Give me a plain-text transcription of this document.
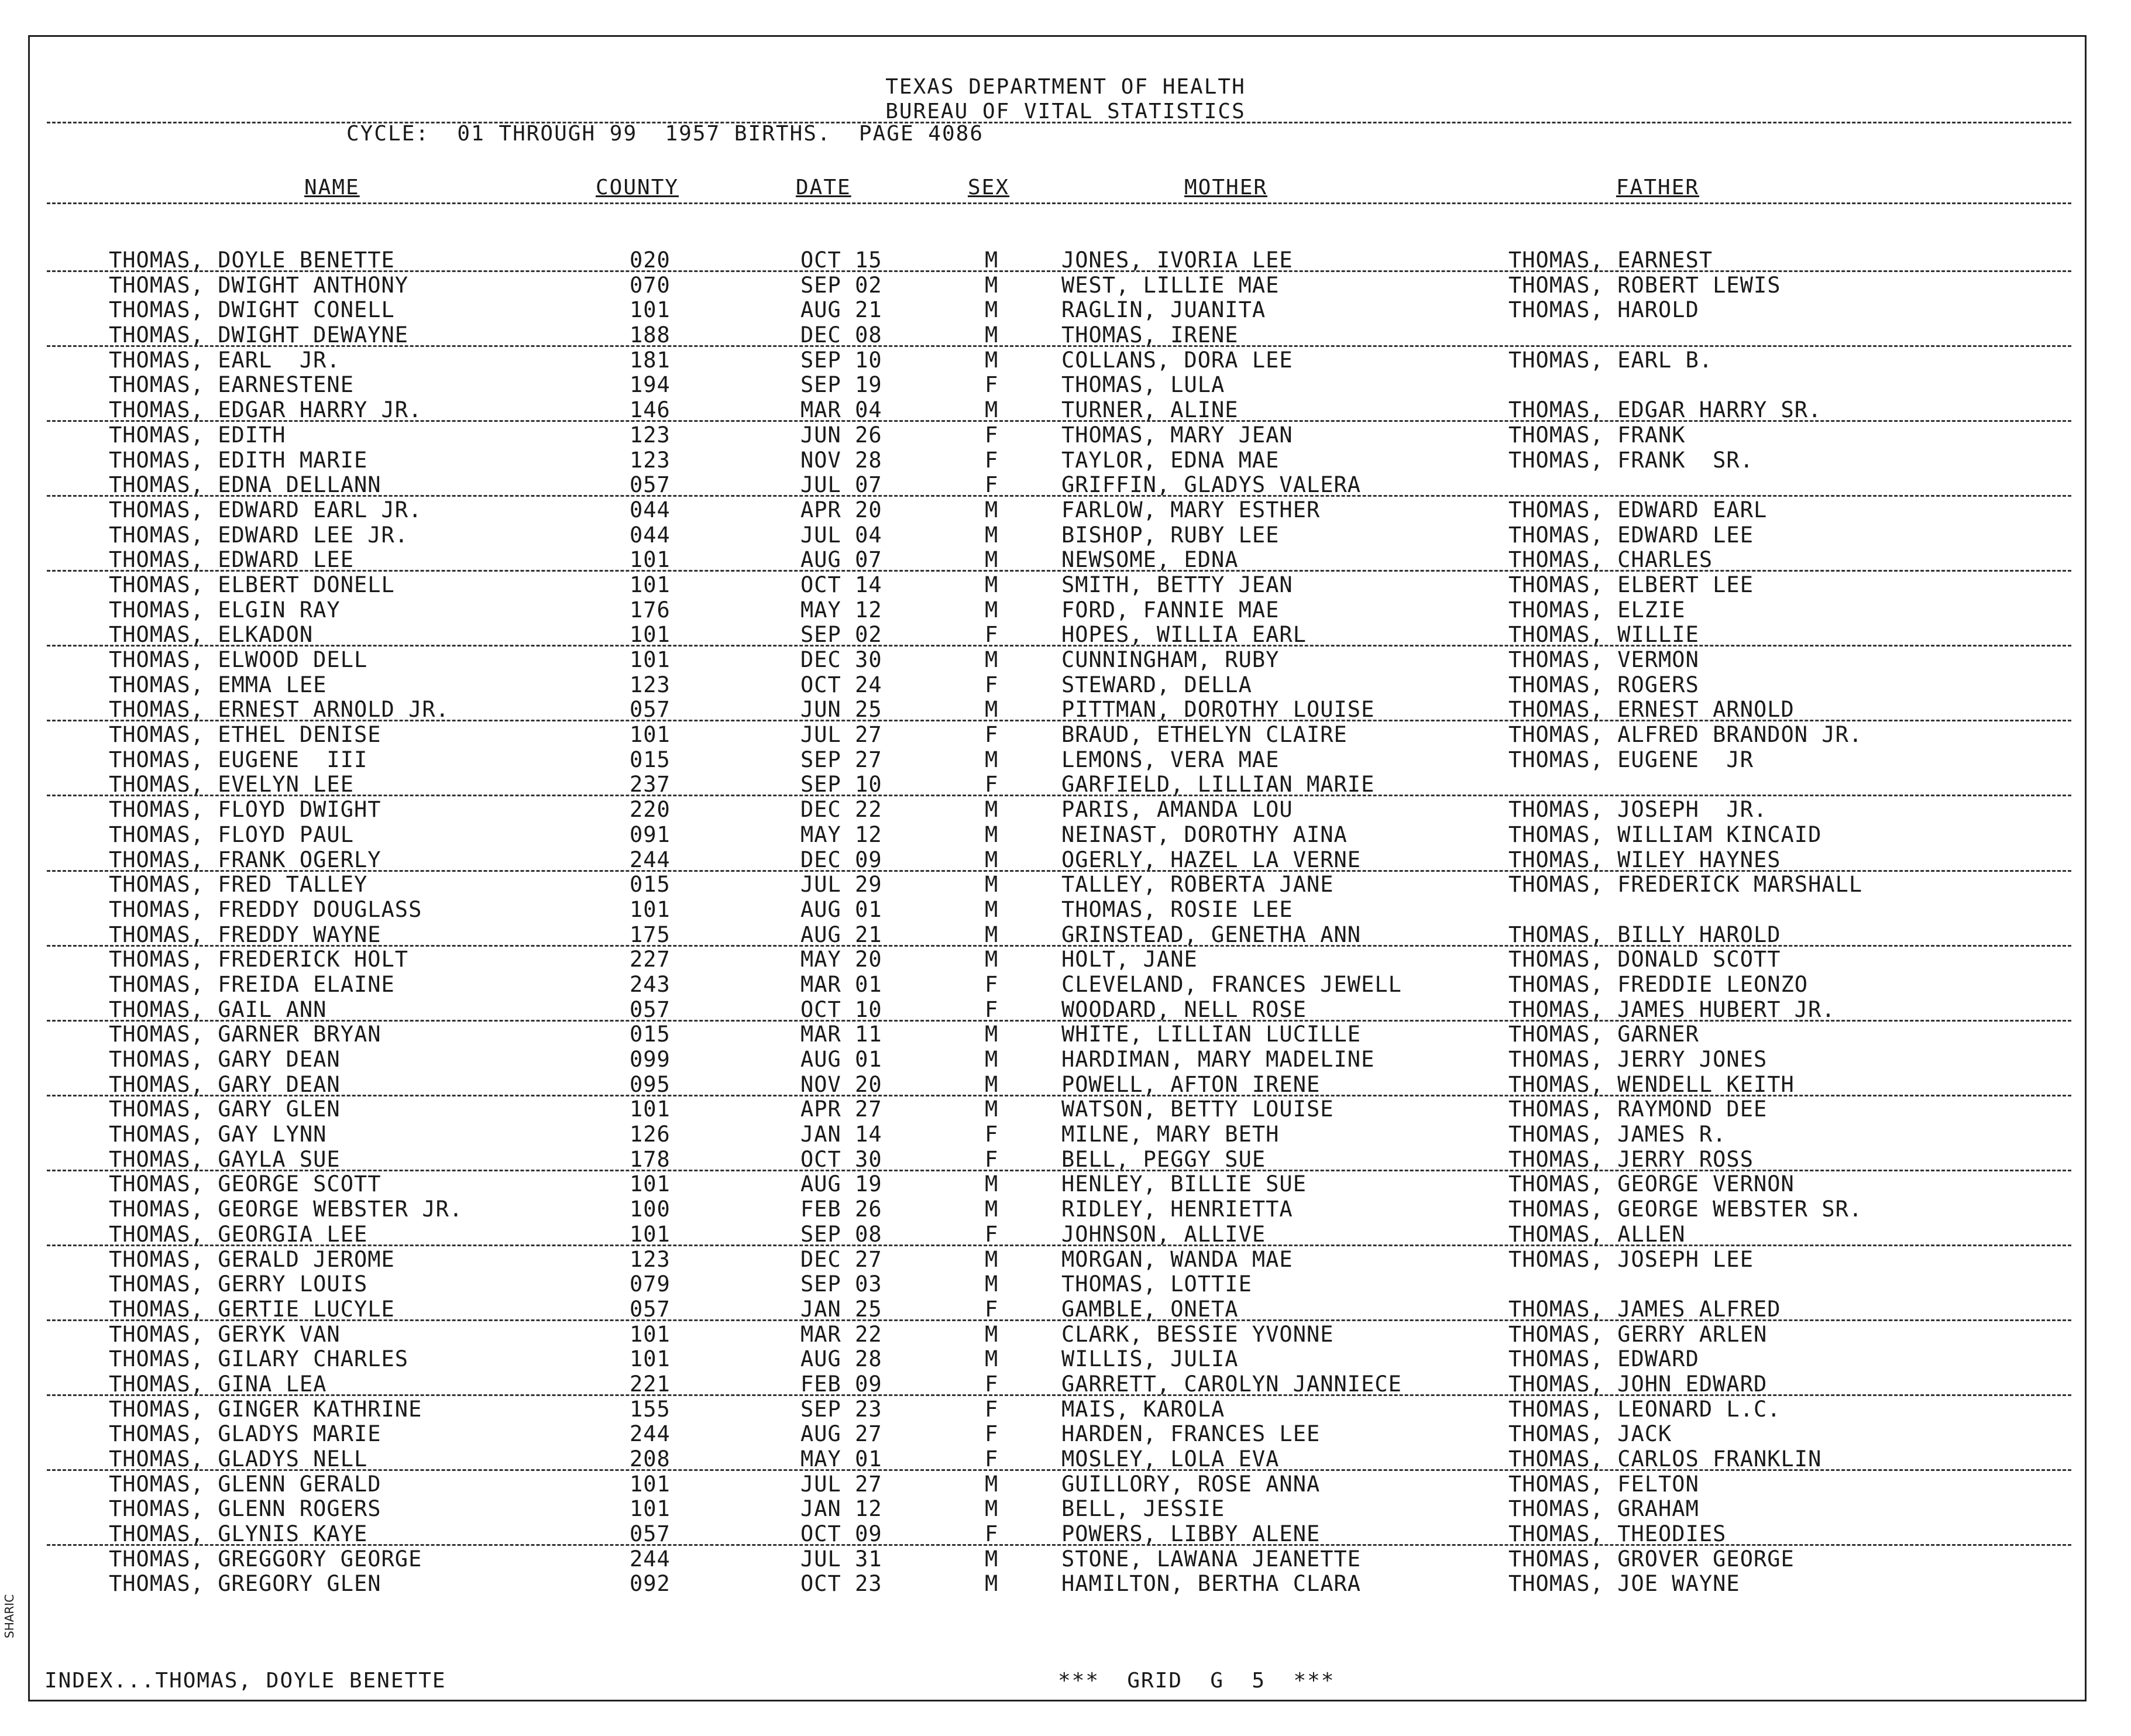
TEXAS DEPARTMENT OF HEALTH
BUREAU OF VITAL STATISTICS
CYCLE:  01 THROUGH 99  1957 BIRTHS.  PAGE 4086
NAME	COUNTY	DATE	SEX	MOTHER	FATHER
THOMAS, DOYLE BENETTE	020	OCT 15	M	JONES, IVORIA LEE	THOMAS, EARNEST
THOMAS, DWIGHT ANTHONY	070	SEP 02	M	WEST, LILLIE MAE	THOMAS, ROBERT LEWIS
THOMAS, DWIGHT CONELL	101	AUG 21	M	RAGLIN, JUANITA	THOMAS, HAROLD
THOMAS, DWIGHT DEWAYNE	188	DEC 08	M	THOMAS, IRENE
THOMAS, EARL  JR.	181	SEP 10	M	COLLANS, DORA LEE	THOMAS, EARL B.
THOMAS, EARNESTENE	194	SEP 19	F	THOMAS, LULA
THOMAS, EDGAR HARRY JR.	146	MAR 04	M	TURNER, ALINE	THOMAS, EDGAR HARRY SR.
THOMAS, EDITH	123	JUN 26	F	THOMAS, MARY JEAN	THOMAS, FRANK
THOMAS, EDITH MARIE	123	NOV 28	F	TAYLOR, EDNA MAE	THOMAS, FRANK  SR.
THOMAS, EDNA DELLANN	057	JUL 07	F	GRIFFIN, GLADYS VALERA
THOMAS, EDWARD EARL JR.	044	APR 20	M	FARLOW, MARY ESTHER	THOMAS, EDWARD EARL
THOMAS, EDWARD LEE JR.	044	JUL 04	M	BISHOP, RUBY LEE	THOMAS, EDWARD LEE
THOMAS, EDWARD LEE	101	AUG 07	M	NEWSOME, EDNA	THOMAS, CHARLES
THOMAS, ELBERT DONELL	101	OCT 14	M	SMITH, BETTY JEAN	THOMAS, ELBERT LEE
THOMAS, ELGIN RAY	176	MAY 12	M	FORD, FANNIE MAE	THOMAS, ELZIE
THOMAS, ELKADON	101	SEP 02	F	HOPES, WILLIA EARL	THOMAS, WILLIE
THOMAS, ELWOOD DELL	101	DEC 30	M	CUNNINGHAM, RUBY	THOMAS, VERMON
THOMAS, EMMA LEE	123	OCT 24	F	STEWARD, DELLA	THOMAS, ROGERS
THOMAS, ERNEST ARNOLD JR.	057	JUN 25	M	PITTMAN, DOROTHY LOUISE	THOMAS, ERNEST ARNOLD
THOMAS, ETHEL DENISE	101	JUL 27	F	BRAUD, ETHELYN CLAIRE	THOMAS, ALFRED BRANDON JR.
THOMAS, EUGENE  III	015	SEP 27	M	LEMONS, VERA MAE	THOMAS, EUGENE  JR
THOMAS, EVELYN LEE	237	SEP 10	F	GARFIELD, LILLIAN MARIE
THOMAS, FLOYD DWIGHT	220	DEC 22	M	PARIS, AMANDA LOU	THOMAS, JOSEPH  JR.
THOMAS, FLOYD PAUL	091	MAY 12	M	NEINAST, DOROTHY AINA	THOMAS, WILLIAM KINCAID
THOMAS, FRANK OGERLY	244	DEC 09	M	OGERLY, HAZEL LA VERNE	THOMAS, WILEY HAYNES
THOMAS, FRED TALLEY	015	JUL 29	M	TALLEY, ROBERTA JANE	THOMAS, FREDERICK MARSHALL
THOMAS, FREDDY DOUGLASS	101	AUG 01	M	THOMAS, ROSIE LEE
THOMAS, FREDDY WAYNE	175	AUG 21	M	GRINSTEAD, GENETHA ANN	THOMAS, BILLY HAROLD
THOMAS, FREDERICK HOLT	227	MAY 20	M	HOLT, JANE	THOMAS, DONALD SCOTT
THOMAS, FREIDA ELAINE	243	MAR 01	F	CLEVELAND, FRANCES JEWELL	THOMAS, FREDDIE LEONZO
THOMAS, GAIL ANN	057	OCT 10	F	WOODARD, NELL ROSE	THOMAS, JAMES HUBERT JR.
THOMAS, GARNER BRYAN	015	MAR 11	M	WHITE, LILLIAN LUCILLE	THOMAS, GARNER
THOMAS, GARY DEAN	099	AUG 01	M	HARDIMAN, MARY MADELINE	THOMAS, JERRY JONES
THOMAS, GARY DEAN	095	NOV 20	M	POWELL, AFTON IRENE	THOMAS, WENDELL KEITH
THOMAS, GARY GLEN	101	APR 27	M	WATSON, BETTY LOUISE	THOMAS, RAYMOND DEE
THOMAS, GAY LYNN	126	JAN 14	F	MILNE, MARY BETH	THOMAS, JAMES R.
THOMAS, GAYLA SUE	178	OCT 30	F	BELL, PEGGY SUE	THOMAS, JERRY ROSS
THOMAS, GEORGE SCOTT	101	AUG 19	M	HENLEY, BILLIE SUE	THOMAS, GEORGE VERNON
THOMAS, GEORGE WEBSTER JR.	100	FEB 26	M	RIDLEY, HENRIETTA	THOMAS, GEORGE WEBSTER SR.
THOMAS, GEORGIA LEE	101	SEP 08	F	JOHNSON, ALLIVE	THOMAS, ALLEN
THOMAS, GERALD JEROME	123	DEC 27	M	MORGAN, WANDA MAE	THOMAS, JOSEPH LEE
THOMAS, GERRY LOUIS	079	SEP 03	M	THOMAS, LOTTIE
THOMAS, GERTIE LUCYLE	057	JAN 25	F	GAMBLE, ONETA	THOMAS, JAMES ALFRED
THOMAS, GERYK VAN	101	MAR 22	M	CLARK, BESSIE YVONNE	THOMAS, GERRY ARLEN
THOMAS, GILARY CHARLES	101	AUG 28	M	WILLIS, JULIA	THOMAS, EDWARD
THOMAS, GINA LEA	221	FEB 09	F	GARRETT, CAROLYN JANNIECE	THOMAS, JOHN EDWARD
THOMAS, GINGER KATHRINE	155	SEP 23	F	MAIS, KAROLA	THOMAS, LEONARD L.C.
THOMAS, GLADYS MARIE	244	AUG 27	F	HARDEN, FRANCES LEE	THOMAS, JACK
THOMAS, GLADYS NELL	208	MAY 01	F	MOSLEY, LOLA EVA	THOMAS, CARLOS FRANKLIN
THOMAS, GLENN GERALD	101	JUL 27	M	GUILLORY, ROSE ANNA	THOMAS, FELTON
THOMAS, GLENN ROGERS	101	JAN 12	M	BELL, JESSIE	THOMAS, GRAHAM
THOMAS, GLYNIS KAYE	057	OCT 09	F	POWERS, LIBBY ALENE	THOMAS, THEODIES
THOMAS, GREGGORY GEORGE	244	JUL 31	M	STONE, LAWANA JEANETTE	THOMAS, GROVER GEORGE
THOMAS, GREGORY GLEN	092	OCT 23	M	HAMILTON, BERTHA CLARA	THOMAS, JOE WAYNE
INDEX...THOMAS, DOYLE BENETTE	***  GRID  G  5  ***
SHARIC
